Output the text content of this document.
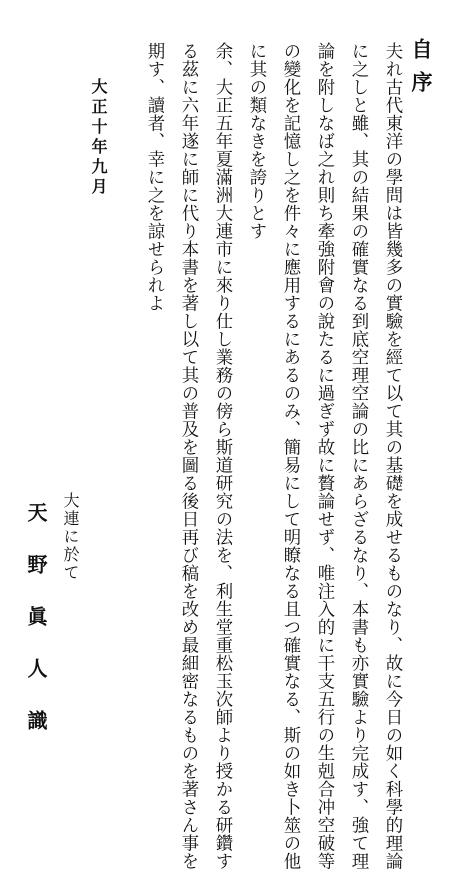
自序
夫れ古代東洋の學問は皆幾多の實驗を經て以て其の基礎を成せるものなり、故に今日の如く科學的理論
に之しと雖、其の結果の確實なる到底空理空論の比にあらざるなり、本書も亦實驗より完成す、強て理
論を附しなば之れ則ち牽強附會の說たるに過ぎず故に贅論せず、唯注入的に干支五行の生剋合冲空破等
の變化を記憶し之を件々に應用するにあるのみ、簡易にして明瞭なる且つ確實なる、斯の如き卜筮の他
に其の類なきを誇りとす
余、大正五年夏滿洲大連市に來り仕し業務の傍ら斯道研究の法を、利生堂重松玉次師より授かる研鑽す
る茲に六年遂に師に代り本書を著し以て其の普及を圖る後日再び稿を改め最細密なるものを著さん事を
期す、讀者、幸に之を諒せられよ
大正十年九月
大連に於て
天野眞人識
